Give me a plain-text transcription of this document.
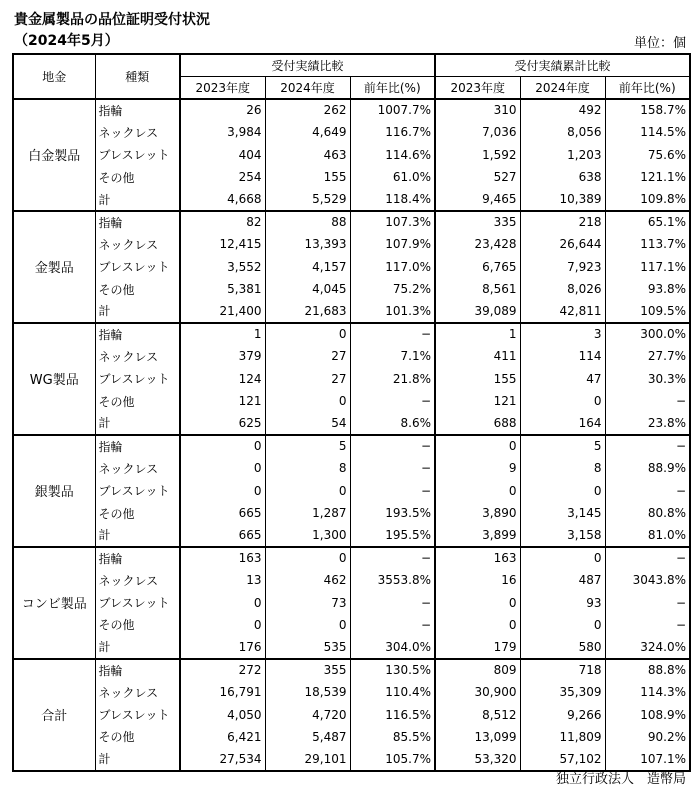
貴金属製品の品位証明受付状況
（2024年5月）	単位：個
地金	種類	受付実績比較			受付実績累計比較		
		2023年度	2024年度	前年比(%)	2023年度	2024年度	前年比(%)
白金製品	指輪	26	262	1007.7%	310	492	158.7%
	ネックレス	3,984	4,649	116.7%	7,036	8,056	114.5%
	ブレスレット	404	463	114.6%	1,592	1,203	75.6%
	その他	254	155	61.0%	527	638	121.1%
	計	4,668	5,529	118.4%	9,465	10,389	109.8%
金製品	指輪	82	88	107.3%	335	218	65.1%
	ネックレス	12,415	13,393	107.9%	23,428	26,644	113.7%
	ブレスレット	3,552	4,157	117.0%	6,765	7,923	117.1%
	その他	5,381	4,045	75.2%	8,561	8,026	93.8%
	計	21,400	21,683	101.3%	39,089	42,811	109.5%
WG製品	指輪	1	0	−	1	3	300.0%
	ネックレス	379	27	7.1%	411	114	27.7%
	ブレスレット	124	27	21.8%	155	47	30.3%
	その他	121	0	−	121	0	−
	計	625	54	8.6%	688	164	23.8%
銀製品	指輪	0	5	−	0	5	−
	ネックレス	0	8	−	9	8	88.9%
	ブレスレット	0	0	−	0	0	−
	その他	665	1,287	193.5%	3,890	3,145	80.8%
	計	665	1,300	195.5%	3,899	3,158	81.0%
コンビ製品	指輪	163	0	−	163	0	−
	ネックレス	13	462	3553.8%	16	487	3043.8%
	ブレスレット	0	73	−	0	93	−
	その他	0	0	−	0	0	−
	計	176	535	304.0%	179	580	324.0%
合計	指輪	272	355	130.5%	809	718	88.8%
	ネックレス	16,791	18,539	110.4%	30,900	35,309	114.3%
	ブレスレット	4,050	4,720	116.5%	8,512	9,266	108.9%
	その他	6,421	5,487	85.5%	13,099	11,809	90.2%
	計	27,534	29,101	105.7%	53,320	57,102	107.1%
独立行政法人　造幣局
